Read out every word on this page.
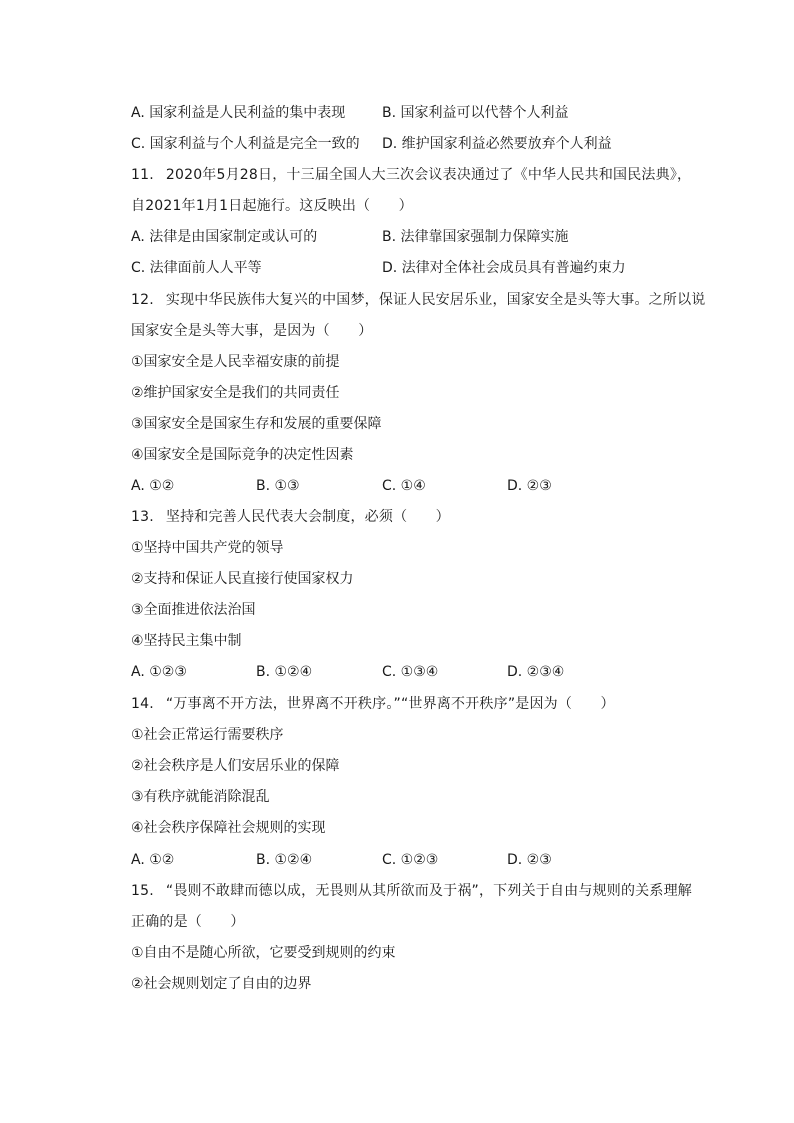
A. 国家利益是人民利益的集中表现	B. 国家利益可以代替个人利益
C. 国家利益与个人利益是完全一致的 D. 维护国家利益必然要放弃个人利益
11. 2020年5月28日，十三届全国人大三次会议表决通过了《中华人民共和国民法典》，
自2021年1月1日起施行。这反映出（　　）
A. 法律是由国家制定或认可的	B. 法律靠国家强制力保障实施
C. 法律面前人人平等	D. 法律对全体社会成员具有普遍约束力
12. 实现中华民族伟大复兴的中国梦，保证人民安居乐业，国家安全是头等大事。之所以说
国家安全是头等大事，是因为（　　）
①国家安全是人民幸福安康的前提
②维护国家安全是我们的共同责任
③国家安全是国家生存和发展的重要保障
④国家安全是国际竞争的决定性因素
A. ①②	B. ①③	C. ①④	D. ②③
13. 坚持和完善人民代表大会制度，必须（　　）
①坚持中国共产党的领导
②支持和保证人民直接行使国家权力
③全面推进依法治国
④坚持民主集中制
A. ①②③	B. ①②④	C. ①③④	D. ②③④
14. “万事离不开方法，世界离不开秩序。”“世界离不开秩序”是因为（　　）
①社会正常运行需要秩序
②社会秩序是人们安居乐业的保障
③有秩序就能消除混乱
④社会秩序保障社会规则的实现
A. ①②	B. ①②④	C. ①②③	D. ②③
15. “畏则不敢肆而德以成，无畏则从其所欲而及于祸”，下列关于自由与规则的关系理解
正确的是（　　）
①自由不是随心所欲，它要受到规则的约束
②社会规则划定了自由的边界
